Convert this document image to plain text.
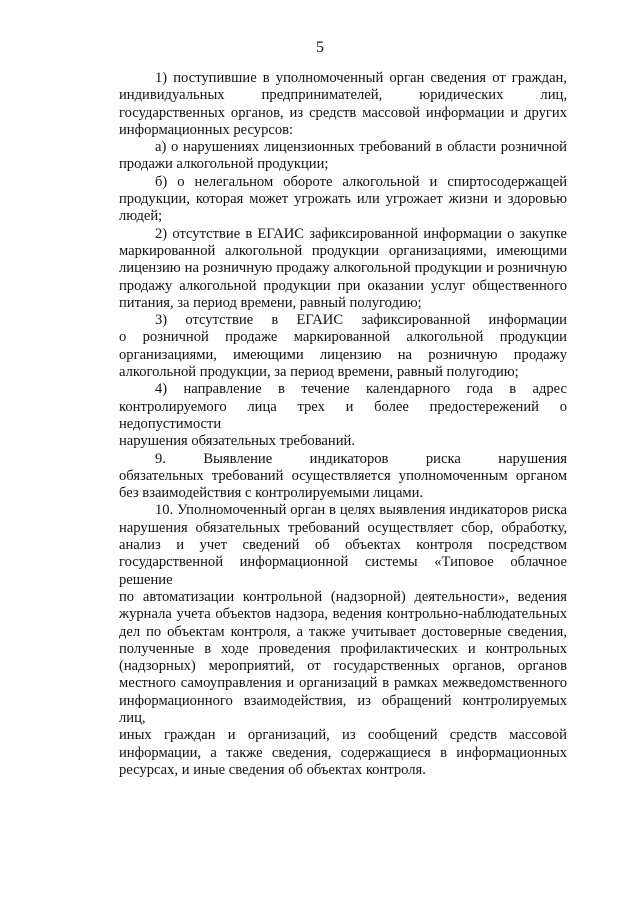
5
1) поступившие в уполномоченный орган сведения от граждан,
индивидуальных предпринимателей, юридических лиц,
государственных органов, из средств массовой информации и других
информационных ресурсов:
а) о нарушениях лицензионных требований в области розничной
продажи алкогольной продукции;
б) о нелегальном обороте алкогольной и спиртосодержащей
продукции, которая может угрожать или угрожает жизни и здоровью
людей;
2) отсутствие в ЕГАИС зафиксированной информации о закупке
маркированной алкогольной продукции организациями, имеющими
лицензию на розничную продажу алкогольной продукции и розничную
продажу алкогольной продукции при оказании услуг общественного
питания, за период времени, равный полугодию;
3) отсутствие в ЕГАИС зафиксированной информации
о розничной продаже маркированной алкогольной продукции
организациями, имеющими лицензию на розничную продажу
алкогольной продукции, за период времени, равный полугодию;
4) направление в течение календарного года в адрес
контролируемого лица трех и более предостережений о недопустимости
нарушения обязательных требований.
9. Выявление индикаторов риска нарушения
обязательных требований осуществляется уполномоченным органом
без взаимодействия с контролируемыми лицами.
10. Уполномоченный орган в целях выявления индикаторов риска
нарушения обязательных требований осуществляет сбор, обработку,
анализ и учет сведений об объектах контроля посредством
государственной информационной системы «Типовое облачное решение
по автоматизации контрольной (надзорной) деятельности», ведения
журнала учета объектов надзора, ведения контрольно-наблюдательных
дел по объектам контроля, а также учитывает достоверные сведения,
полученные в ходе проведения профилактических и контрольных
(надзорных) мероприятий, от государственных органов, органов
местного самоуправления и организаций в рамках межведомственного
информационного взаимодействия, из обращений контролируемых лиц,
иных граждан и организаций, из сообщений средств массовой
информации, а также сведения, содержащиеся в информационных
ресурсах, и иные сведения об объектах контроля.
